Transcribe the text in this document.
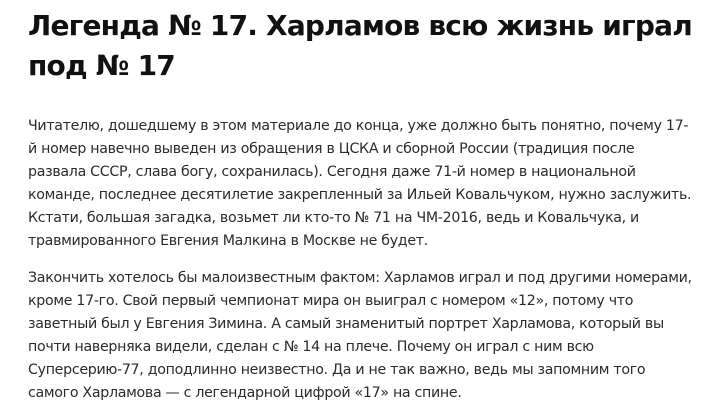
Легенда № 17. Харламов всю жизнь играл под № 17

Читателю, дошедшему в этом материале до конца, уже должно быть понятно, почему 17-й номер навечно выведен из обращения в ЦСКА и сборной России (традиция после развала СССР, слава богу, сохранилась). Сегодня даже 71-й номер в национальной команде, последнее десятилетие закрепленный за Ильей Ковальчуком, нужно заслужить. Кстати, большая загадка, возьмет ли кто-то № 71 на ЧМ-2016, ведь и Ковальчука, и травмированного Евгения Малкина в Москве не будет.

Закончить хотелось бы малоизвестным фактом: Харламов играл и под другими номерами, кроме 17-го. Свой первый чемпионат мира он выиграл с номером «12», потому что заветный был у Евгения Зимина. А самый знаменитый портрет Харламова, который вы почти наверняка видели, сделан с № 14 на плече. Почему он играл с ним всю Суперсерию-77, доподлинно неизвестно. Да и не так важно, ведь мы запомним того самого Харламова — с легендарной цифрой «17» на спине.
